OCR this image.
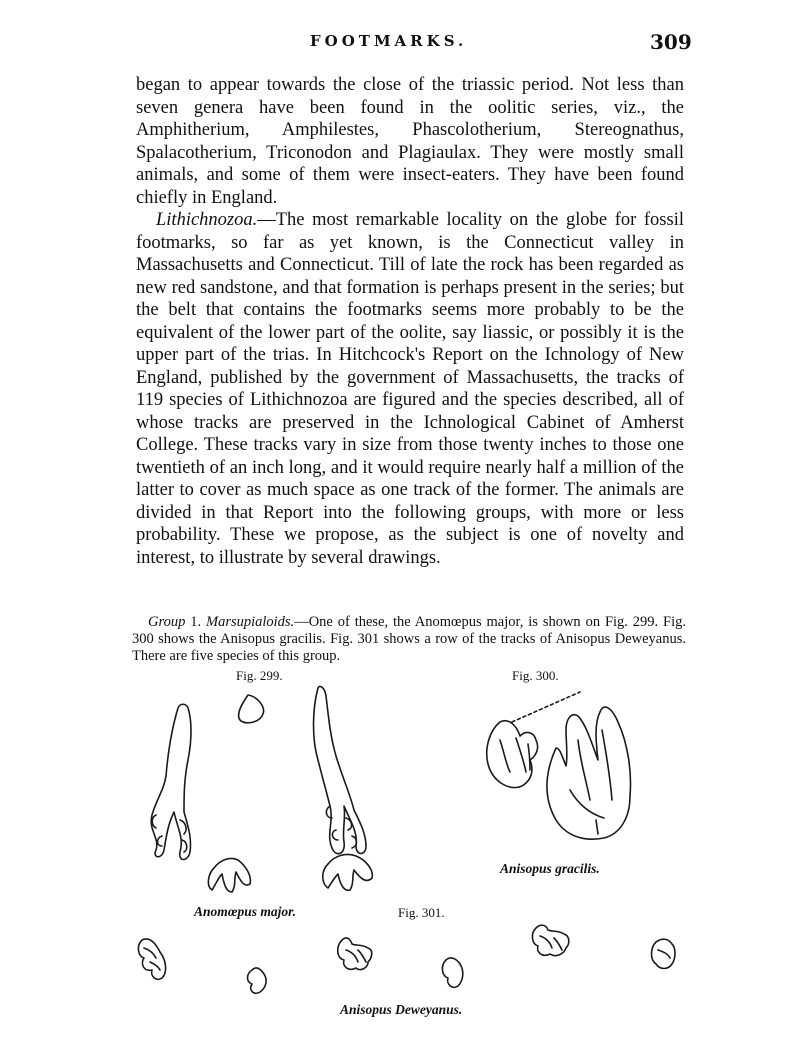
FOOTMARKS.	309

began to appear towards the close of the triassic period. Not less than seven genera have been found in the oolitic series, viz., the Amphitherium, Amphilestes, Phascolotherium, Stereognathus, Spalacotherium, Triconodon and Plagiaulax. They were mostly small animals, and some of them were insect-eaters. They have been found chiefly in England.

Lithichnozoa.—The most remarkable locality on the globe for fossil footmarks, so far as yet known, is the Connecticut valley in Massachusetts and Connecticut. Till of late the rock has been regarded as new red sandstone, and that formation is perhaps present in the series; but the belt that contains the footmarks seems more probably to be the equivalent of the lower part of the oolite, say liassic, or possibly it is the upper part of the trias. In Hitchcock's Report on the Ichnology of New England, published by the government of Massachusetts, the tracks of 119 species of Lithichnozoa are figured and the species described, all of whose tracks are preserved in the Ichnological Cabinet of Amherst College. These tracks vary in size from those twenty inches to those one twentieth of an inch long, and it would require nearly half a million of the latter to cover as much space as one track of the former. The animals are divided in that Report into the following groups, with more or less probability. These we propose, as the subject is one of novelty and interest, to illustrate by several drawings.

Group 1. Marsupialoids.—One of these, the Anomœpus major, is shown on Fig. 299. Fig. 300 shows the Anisopus gracilis. Fig. 301 shows a row of the tracks of Anisopus Deweyanus. There are five species of this group.

Fig. 299.	Fig. 300.
Fig. 301.
Anomœpus major.
Anisopus gracilis.
Anisopus Deweyanus.
